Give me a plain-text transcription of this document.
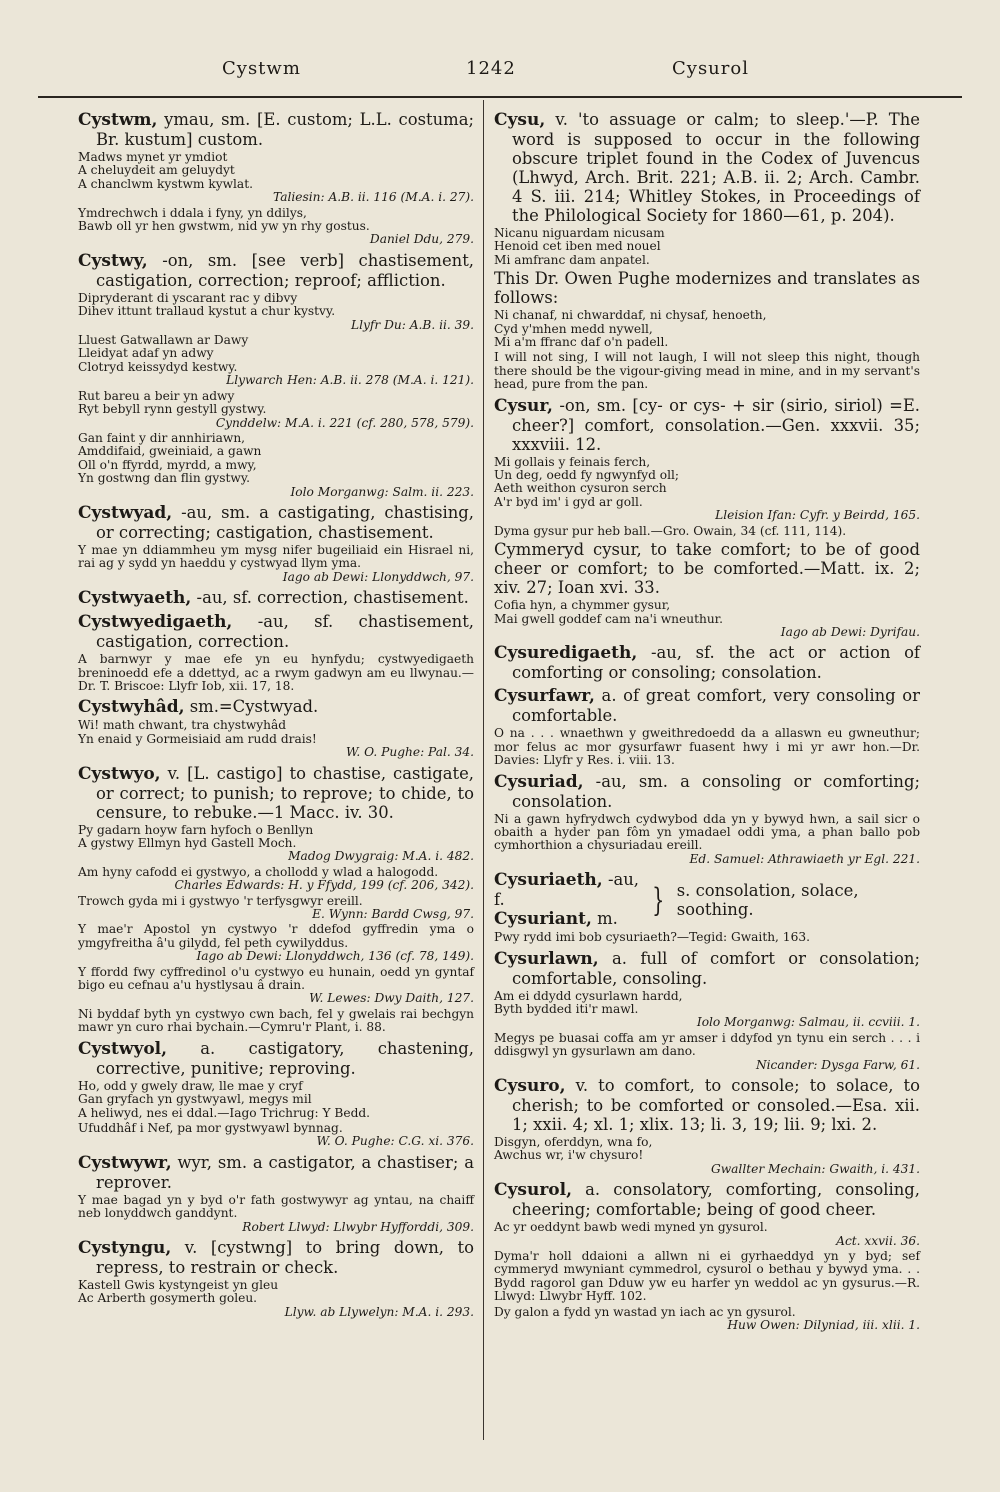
Cystwm	1242	Cysurol
Cystwm, ymau, sm. [E. custom; L.L. costuma; Br. kustum] custom.
Madws mynet yr ymdiot
A cheluydeit am geluydyt
A chanclwm kystwm kywlat.
Taliesin: A.B. ii. 116 (M.A. i. 27).
Ymdrechwch i ddala i fyny, yn ddilys,
Bawb oll yr hen gwstwm, nid yw yn rhy gostus.
Daniel Ddu, 279.
Cystwy, -on, sm. [see verb] chastisement, castigation, correction; reproof; affliction.
Dipryderant di yscarant rac y dibvy
Dihev ittunt trallaud kystut a chur kystvy.
Llyfr Du: A.B. ii. 39.
Lluest Gatwallawn ar Dawy
Lleidyat adaf yn adwy
Clotryd keissydyd kestwy.
Llywarch Hen: A.B. ii. 278 (M.A. i. 121).
Rut bareu a beir yn adwy
Ryt bebyll rynn gestyll gystwy.
Cynddelw: M.A. i. 221 (cf. 280, 578, 579).
Gan faint y dir annhiriawn,
Amddifaid, gweiniaid, a gawn
Oll o'n ffyrdd, myrdd, a mwy,
Yn gostwng dan flin gystwy.
Iolo Morganwg: Salm. ii. 223.
Cystwyad, -au, sm. a castigating, chastising, or correcting; castigation, chastisement.
Y mae yn ddiammheu ym mysg nifer bugeiliaid ein Hisrael ni, rai ag y sydd yn haeddu y cystwyad llym yma.
Iago ab Dewi: Llonyddwch, 97.
Cystwyaeth, -au, sf. correction, chastisement.
Cystwyedigaeth, -au, sf. chastisement, castigation, correction.
A barnwyr y mae efe yn eu hynfydu; cystwyedigaeth breninoedd efe a ddettyd, ac a rwym gadwyn am eu llwynau.—Dr. T. Briscoe: Llyfr Iob, xii. 17, 18.
Cystwyhâd, sm.=Cystwyad.
Wi! math chwant, tra chystwyhâd
Yn enaid y Gormeisiaid am rudd drais!
W. O. Pughe: Pal. 34.
Cystwyo, v. [L. castigo] to chastise, castigate, or correct; to punish; to reprove; to chide, to censure, to rebuke.—1 Macc. iv. 30.
Py gadarn hoyw farn hyfoch o Benllyn
A gystwy Ellmyn hyd Gastell Moch.
Madog Dwygraig: M.A. i. 482.
Am hyny cafodd ei gystwyo, a chollodd y wlad a halogodd.
Charles Edwards: H. y Ffydd, 199 (cf. 206, 342).
Trowch gyda mi i gystwyo 'r terfysgwyr ereill.
E. Wynn: Bardd Cwsg, 97.
Y mae'r Apostol yn cystwyo 'r ddefod gyffredin yma o ymgyfreitha â'u gilydd, fel peth cywilyddus.
Iago ab Dewi: Llonyddwch, 136 (cf. 78, 149).
Y ffordd fwy cyffredinol o'u cystwyo eu hunain, oedd yn gyntaf bigo eu cefnau a'u hystlysau â drain.
W. Lewes: Dwy Daith, 127.
Ni byddaf byth yn cystwyo cwn bach, fel y gwelais rai bechgyn mawr yn curo rhai bychain.—Cymru'r Plant, i. 88.
Cystwyol, a. castigatory, chastening, corrective, punitive; reproving.
Ho, odd y gwely draw, lle mae y cryf
Gan gryfach yn gystwyawl, megys mil
A heliwyd, nes ei ddal.—Iago Trichrug: Y Bedd.
Ufuddhâf i Nef, pa mor gystwyawl bynnag.
W. O. Pughe: C.G. xi. 376.
Cystwywr, wyr, sm. a castigator, a chastiser; a reprover.
Y mae bagad yn y byd o'r fath gostwywyr ag yntau, na chaiff neb lonyddwch ganddynt.
Robert Llwyd: Llwybr Hyfforddi, 309.
Cystyngu, v. [cystwng] to bring down, to repress, to restrain or check.
Kastell Gwis kystyngeist yn gleu
Ac Arberth gosymerth goleu.
Llyw. ab Llywelyn: M.A. i. 293.
Cysu, v. 'to assuage or calm; to sleep.'—P. The word is supposed to occur in the following obscure triplet found in the Codex of Juvencus (Lhwyd, Arch. Brit. 221; A.B. ii. 2; Arch. Cambr. 4 S. iii. 214; Whitley Stokes, in Proceedings of the Philological Society for 1860—61, p. 204).
Nicanu niguardam nicusam
Henoid cet iben med nouel
Mi amfranc dam anpatel.
This Dr. Owen Pughe modernizes and translates as follows:
Ni chanaf, ni chwarddaf, ni chysaf, henoeth,
Cyd y'mhen medd nywell,
Mi a'm ffranc daf o'n padell.
I will not sing, I will not laugh, I will not sleep this night, though there should be the vigour-giving mead in mine, and in my servant's head, pure from the pan.
Cysur, -on, sm. [cy- or cys- + sir (sirio, siriol) =E. cheer?] comfort, consolation.—Gen. xxxvii. 35; xxxviii. 12.
Mi gollais y feinais ferch,
Un deg, oedd fy ngwynfyd oll;
Aeth weithon cysuron serch
A'r byd im' i gyd ar goll.
Lleision Ifan: Cyfr. y Beirdd, 165.
Dyma gysur pur heb ball.—Gro. Owain, 34 (cf. 111, 114).
Cymmeryd cysur, to take comfort; to be of good cheer or comfort; to be comforted.—Matt. ix. 2; xiv. 27; Ioan xvi. 33.
Cofia hyn, a chymmer gysur,
Mai gwell goddef cam na'i wneuthur.
Iago ab Dewi: Dyrifau.
Cysuredigaeth, -au, sf. the act or action of comforting or consoling; consolation.
Cysurfawr, a. of great comfort, very consoling or comfortable.
O na . . . wnaethwn y gweithredoedd da a allaswn eu gwneuthur; mor felus ac mor gysurfawr fuasent hwy i mi yr awr hon.—Dr. Davies: Llyfr y Res. i. viii. 13.
Cysuriad, -au, sm. a consoling or comforting; consolation.
Ni a gawn hyfrydwch cydwybod dda yn y bywyd hwn, a sail sicr o obaith a hyder pan fôm yn ymadael oddi yma, a phan ballo pob cymhorthion a chysuriadau ereill.
Ed. Samuel: Athrawiaeth yr Egl. 221.
Cysuriaeth, -au, f.
Cysuriant, m.	} s. consolation, solace, soothing.
Pwy rydd imi bob cysuriaeth?—Tegid: Gwaith, 163.
Cysurlawn, a. full of comfort or consolation; comfortable, consoling.
Am ei ddydd cysurlawn hardd,
Byth bydded iti'r mawl.
Iolo Morganwg: Salmau, ii. ccviii. 1.
Megys pe buasai coffa am yr amser i ddyfod yn tynu ein serch . . . i ddisgwyl yn gysurlawn am dano.
Nicander: Dysga Farw, 61.
Cysuro, v. to comfort, to console; to solace, to cherish; to be comforted or consoled.—Esa. xii. 1; xxii. 4; xl. 1; xlix. 13; li. 3, 19; lii. 9; lxi. 2.
Disgyn, oferddyn, wna fo,
Awchus wr, i'w chysuro!
Gwallter Mechain: Gwaith, i. 431.
Cysurol, a. consolatory, comforting, consoling, cheering; comfortable; being of good cheer.
Ac yr oeddynt bawb wedi myned yn gysurol.
Act. xxvii. 36.
Dyma'r holl ddaioni a allwn ni ei gyrhaeddyd yn y byd; sef cymmeryd mwyniant cymmedrol, cysurol o bethau y bywyd yma. . . Bydd ragorol gan Dduw yw eu harfer yn weddol ac yn gysurus.—R. Llwyd: Llwybr Hyff. 102.
Dy galon a fydd yn wastad yn iach ac yn gysurol.
Huw Owen: Dilyniad, iii. xlii. 1.
